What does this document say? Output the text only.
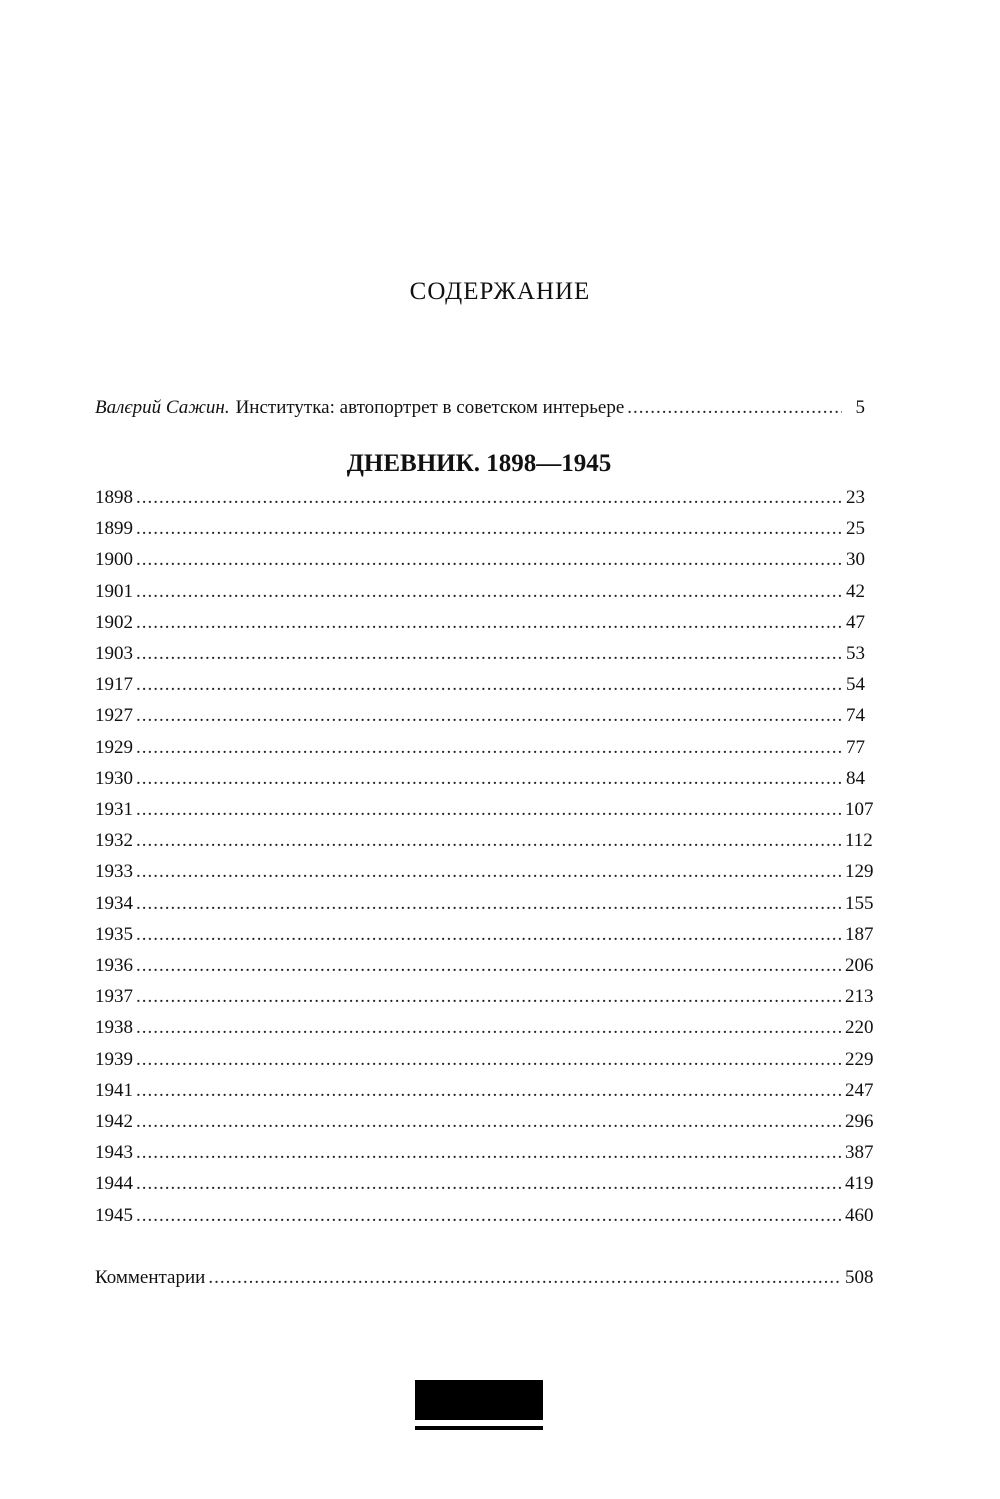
СОДЕРЖАНИЕ
Валєрий Сажин. Институтка: автопортрет в советском интерьере .....	5
ДНЕВНИК. 1898—1945
1898 .....	23
1899 .....	25
1900 .....	30
1901 .....	42
1902 .....	47
1903 .....	53
1917 .....	54
1927 .....	74
1929 .....	77
1930 .....	84
1931 .....	107
1932 .....	112
1933 .....	129
1934 .....	155
1935 .....	187
1936 .....	206
1937 .....	213
1938 .....	220
1939 .....	229
1941 .....	247
1942 .....	296
1943 .....	387
1944 .....	419
1945 .....	460
Комментарии .....	508
